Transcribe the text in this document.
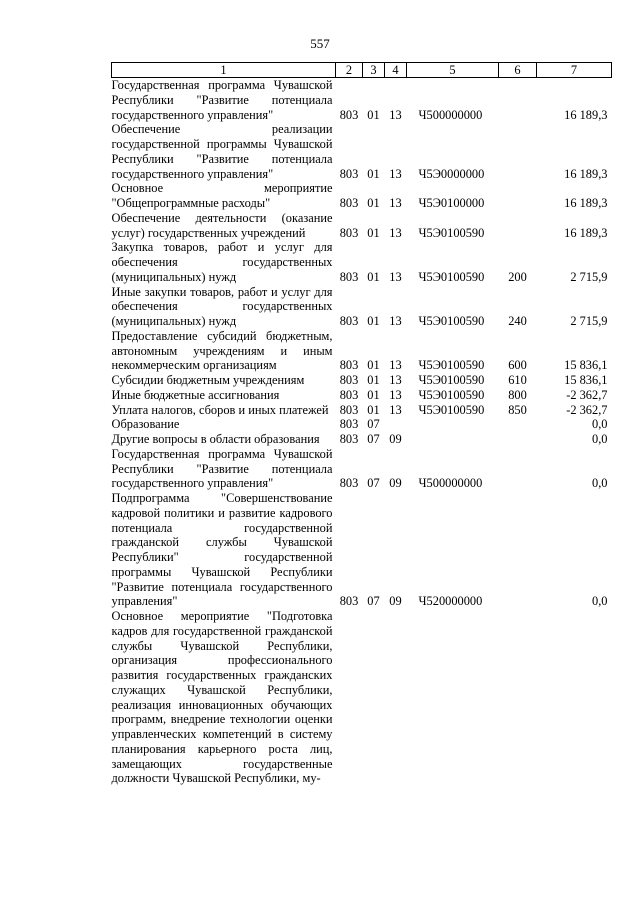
557
1	2	3	4	5	6	7
Государственная программа Чувашской Республики "Развитие потенциала государственного управления"	803	01	13	Ч500000000		16 189,3
Обеспечение реализации государственной программы Чувашской Республики "Развитие потенциала государственного управления"	803	01	13	Ч5Э0000000		16 189,3
Основное мероприятие "Общепрограммные расходы"	803	01	13	Ч5Э0100000		16 189,3
Обеспечение деятельности (оказание услуг) государственных учреждений	803	01	13	Ч5Э0100590		16 189,3
Закупка товаров, работ и услуг для обеспечения государственных (муниципальных) нужд	803	01	13	Ч5Э0100590	200	2 715,9
Иные закупки товаров, работ и услуг для обеспечения государственных (муниципальных) нужд	803	01	13	Ч5Э0100590	240	2 715,9
Предоставление субсидий бюджетным, автономным учреждениям и иным некоммерческим организациям	803	01	13	Ч5Э0100590	600	15 836,1
Субсидии бюджетным учреждениям	803	01	13	Ч5Э0100590	610	15 836,1
Иные бюджетные ассигнования	803	01	13	Ч5Э0100590	800	-2 362,7
Уплата налогов, сборов и иных платежей	803	01	13	Ч5Э0100590	850	-2 362,7
Образование	803	07				0,0
Другие вопросы в области образования	803	07	09			0,0
Государственная программа Чувашской Республики "Развитие потенциала государственного управления"	803	07	09	Ч500000000		0,0
Подпрограмма "Совершенствование кадровой политики и развитие кадрового потенциала государственной гражданской службы Чувашской Республики" государственной программы Чувашской Республики "Развитие потенциала государственного управления"	803	07	09	Ч520000000		0,0
Основное мероприятие "Подготовка кадров для государственной гражданской службы Чувашской Республики, организация профессионального развития государственных гражданских служащих Чувашской Республики, реализация инновационных обучающих программ, внедрение технологии оценки управленческих компетенций в систему планирования карьерного роста лиц, замещающих государственные должности Чувашской Республики, му-						
